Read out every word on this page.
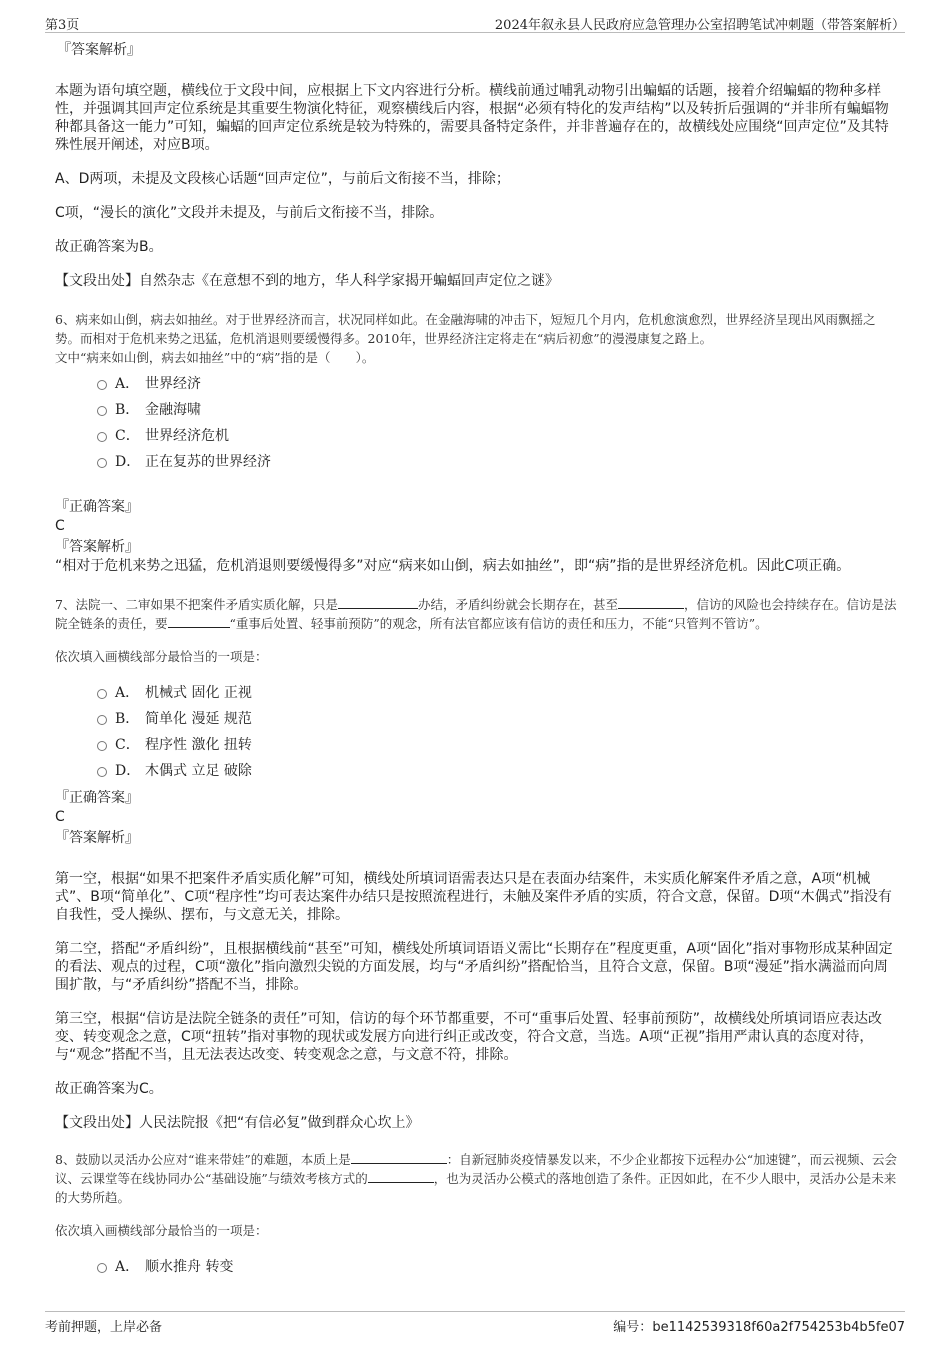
第3页	2024年叙永县人民政府应急管理办公室招聘笔试冲刺题（带答案解析）

『答案解析』

本题为语句填空题，横线位于文段中间，应根据上下文内容进行分析。横线前通过哺乳动物引出蝙蝠的话题，接着介绍蝙蝠的物种多样性，并强调其回声定位系统是其重要生物演化特征，观察横线后内容，根据“必须有特化的发声结构”以及转折后强调的“并非所有蝙蝠物种都具备这一能力”可知，蝙蝠的回声定位系统是较为特殊的，需要具备特定条件，并非普遍存在的，故横线处应围绕“回声定位”及其特殊性展开阐述，对应B项。

A、D两项，未提及文段核心话题“回声定位”，与前后文衔接不当，排除；

C项，“漫长的演化”文段并未提及，与前后文衔接不当，排除。

故正确答案为B。

【文段出处】自然杂志《在意想不到的地方，华人科学家揭开蝙蝠回声定位之谜》

6、病来如山倒，病去如抽丝。对于世界经济而言，状况同样如此。在金融海啸的冲击下，短短几个月内，危机愈演愈烈，世界经济呈现出风雨飘摇之势。而相对于危机来势之迅猛，危机消退则要缓慢得多。2010年，世界经济注定将走在“病后初愈”的漫漫康复之路上。

文中“病来如山倒，病去如抽丝”中的“病”指的是（　　）。

A． 世界经济
B． 金融海啸
C． 世界经济危机
D． 正在复苏的世界经济

『正确答案』

C

『答案解析』

“相对于危机来势之迅猛，危机消退则要缓慢得多”对应“病来如山倒，病去如抽丝”，即“病”指的是世界经济危机。因此C项正确。

7、法院一、二审如果不把案件矛盾实质化解，只是	办结，矛盾纠纷就会长期存在，甚至	，信访的风险也会持续存在。信访是法院全链条的责任，要	“重事后处置、轻事前预防”的观念，所有法官都应该有信访的责任和压力，不能“只管判不管访”。

依次填入画横线部分最恰当的一项是：

A． 机械式 固化 正视
B． 简单化 漫延 规范
C． 程序性 激化 扭转
D． 木偶式 立足 破除

『正确答案』

C

『答案解析』

第一空，根据“如果不把案件矛盾实质化解”可知，横线处所填词语需表达只是在表面办结案件，未实质化解案件矛盾之意，A项“机械式”、B项“简单化”、C项“程序性”均可表达案件办结只是按照流程进行，未触及案件矛盾的实质，符合文意，保留。D项“木偶式”指没有自我性，受人操纵、摆布，与文意无关，排除。

第二空，搭配“矛盾纠纷”，且根据横线前“甚至”可知，横线处所填词语语义需比“长期存在”程度更重，A项“固化”指对事物形成某种固定的看法、观点的过程，C项“激化”指向激烈尖锐的方面发展，均与“矛盾纠纷”搭配恰当，且符合文意，保留。B项“漫延”指水满溢而向周围扩散，与“矛盾纠纷”搭配不当，排除。

第三空，根据“信访是法院全链条的责任”可知，信访的每个环节都重要，不可“重事后处置、轻事前预防”，故横线处所填词语应表达改变、转变观念之意，C项“扭转”指对事物的现状或发展方向进行纠正或改变，符合文意，当选。A项“正视”指用严肃认真的态度对待，与“观念”搭配不当，且无法表达改变、转变观念之意，与文意不符，排除。

故正确答案为C。

【文段出处】人民法院报《把“有信必复”做到群众心坎上》

8、鼓励以灵活办公应对“谁来带娃”的难题，本质上是	：自新冠肺炎疫情暴发以来，不少企业都按下远程办公“加速键”，而云视频、云会议、云课堂等在线协同办公“基础设施”与绩效考核方式的	，也为灵活办公模式的落地创造了条件。正因如此，在不少人眼中，灵活办公是未来的大势所趋。

依次填入画横线部分最恰当的一项是：

A． 顺水推舟 转变
考前押题，上岸必备	编号：be1142539318f60a2f754253b4b5fe07
